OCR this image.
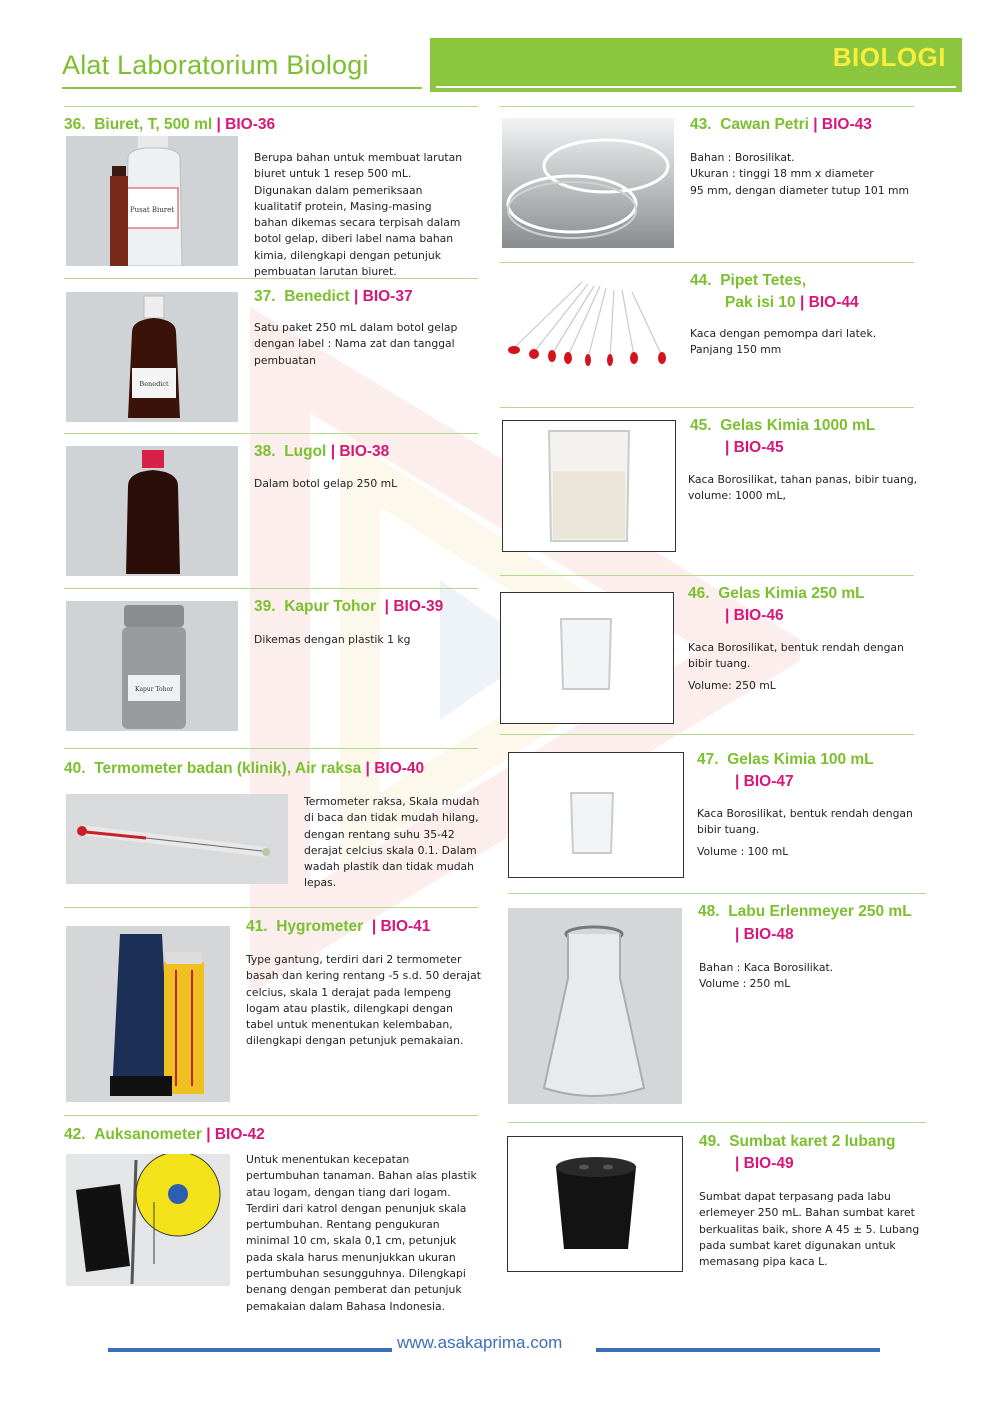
Alat Laboratorium Biologi	BIOLOGI
36. Biuret, T, 500 ml | BIO-36
Pusat Biuret
Berupa bahan untuk membuat larutan biuret untuk 1 resep 500 mL. Digunakan dalam pemeriksaan kualitatif protein, Masing-masing bahan dikemas secara terpisah dalam botol gelap, diberi label nama bahan kimia, dilengkapi dengan petunjuk pembuatan larutan biuret.
37. Benedict | BIO-37
Benedict
Satu paket 250 mL dalam botol gelap dengan label : Nama zat dan tanggal pembuatan
38. Lugol | BIO-38
Dalam botol gelap 250 mL
39. Kapur Tohor | BIO-39
Kapur Tohor
Dikemas dengan plastik 1 kg
40. Termometer badan (klinik), Air raksa | BIO-40
Termometer raksa, Skala mudah di baca dan tidak mudah hilang, dengan rentang suhu 35-42 derajat celcius skala 0.1. Dalam wadah plastik dan tidak mudah lepas.
41. Hygrometer | BIO-41
Type gantung, terdiri dari 2 termometer basah dan kering rentang -5 s.d. 50 derajat celcius, skala 1 derajat pada lempeng logam atau plastik, dilengkapi dengan tabel untuk menentukan kelembaban, dilengkapi dengan petunjuk pemakaian.
42. Auksanometer | BIO-42
Untuk menentukan kecepatan pertumbuhan tanaman. Bahan alas plastik atau logam, dengan tiang dari logam. Terdiri dari katrol dengan penunjuk skala pertumbuhan. Rentang pengukuran minimal 10 cm, skala 0,1 cm, petunjuk pada skala harus menunjukkan ukuran pertumbuhan sesungguhnya. Dilengkapi benang dengan pemberat dan petunjuk pemakaian dalam Bahasa Indonesia.
43. Cawan Petri | BIO-43
Bahan : Borosilikat.
Ukuran : tinggi 18 mm x diameter
95 mm, dengan diameter tutup 101 mm
44. Pipet Tetes,
Pak isi 10 | BIO-44
Kaca dengan pemompa dari latek. Panjang 150 mm
45. Gelas Kimia 1000 mL
| BIO-45
Kaca Borosilikat, tahan panas, bibir tuang, volume: 1000 mL,
46. Gelas Kimia 250 mL
| BIO-46
Kaca Borosilikat, bentuk rendah dengan bibir tuang.
Volume: 250 mL
47. Gelas Kimia 100 mL
| BIO-47
Kaca Borosilikat, bentuk rendah dengan bibir tuang.
Volume : 100 mL
48. Labu Erlenmeyer 250 mL
| BIO-48
Bahan : Kaca Borosilikat.
Volume : 250 mL
49. Sumbat karet 2 lubang
| BIO-49
Sumbat dapat terpasang pada labu erlemeyer 250 mL. Bahan sumbat karet berkualitas baik, shore A 45 ± 5. Lubang pada sumbat karet digunakan untuk memasang pipa kaca L.
www.asakaprima.com
